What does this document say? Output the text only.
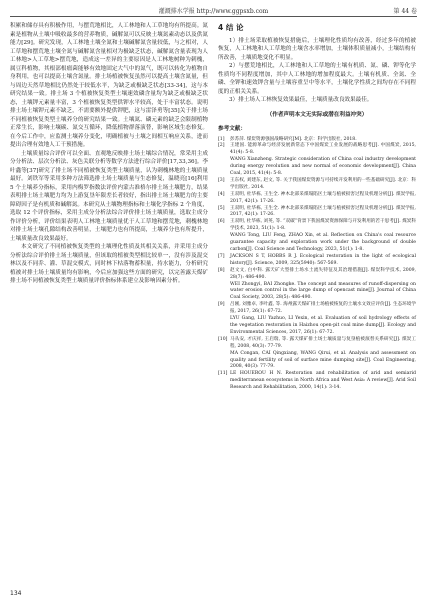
灌溉排水学报 http://www.ggpsxb.com	第 44 卷

积累和储存具有积极作用，与摆荒地相比，人工林地和人工草地均有所提高。氮素是植物从土壤中吸收最多的营养物质，碱解氮可以反映土壤氮素动态以及供氮能力[29]。研究发现，人工林地土壤全氮和土壤碱解氮含量较低，与之相对，人工草地和摆荒地土壤全氮与碱解氮含量相对为极缺乏状态，碱解氮含量表现为人工林地>人工草地>摆荒地，造成这一差异的主要原因是人工林地树种为刺槐，属豆科植物，其根部根瘤菌能够有效地固定大气中的氮气，既可以转化为植物自身利用，也可以提高土壤含氮量。排土场植被恢复虽然可以提高土壤含氮量，但与周边天然草地相比仍然处于较低水平，为缺乏或极缺乏状态[33-34]，这与本研究结果一致。排土场 3 个植被恢复类型土壤速效磷含量均为缺乏或极缺乏状态，土壤钾元素量丰富，3 个植被恢复类型供钾水平较高，处于丰富状态。说明排土场土壤钾元素不缺乏，不需要额外提供钾肥，这与雷泽勇等[35]关于排土场不同植被恢复类型土壤养分的研究结果一致。土壤氮、磷元素的缺乏会限制植物正常生长，影响土壤碳、氮交互循环，降低植物群落演替，影响区域生态修复。在今后工作中，应监测土壤养分变化，明确植被与土壤之间相互响应关系，进而提出合理有效地人工干预措施。

土壤质量综合评价可以全面、直观地反映排土场土壤综合情况，常采用主成分分析法、层次分析法、灰色关联分析等数学方法进行综合评价[17,33,36]。李叶鑫等[37]研究了排土场不同植被恢复类型土壤质量，认为刺槐林地的土壤质量最好。刘铁军等采用多种方法筛选排土场土壤质量与生态修复，温晓亮[16]利用 5 个土壤养分指标，采用内梅罗指数法评价内蒙古准格尔排土场土壤肥力，结果表明排土场土壤肥力均为上游复垦年限差长者较好，指出排土场土壤肥力的主要障碍因子是有机质和碱解氮。本研究从土壤物理指标和土壤化学指标 2 个角度，选取 12 个评价指标，采用主成分分析法综合评价排土场土壤质量，选取主成分作评价分析，评价结果表明人工林地土壤质量优于人工草地和摆荒地，刺槐林地对排土场土壤孔隙结构改善明显，土壤肥力也有所提高，土壤养分也有所提升，土壤质量改良效果最好。

本文研究了不同植被恢复类型的土壤理化性质及其相关关系，并采用主成分分析法综合评价排土场土壤质量，但该取的植被类型相比较单一，没有涉及混交林以及不同乔、灌、草混交模式，同时林下枯落物蓄积量，持水能力，分析研究植被对排土场土壤质量均有影响，今后应加强这些方面的研究，以完善露天煤矿排土场不同植被恢复类型土壤质量评价指标体系建立及影响因素分析。

4 结 论

1）排土场采取植被恢复措施后，土壤理化性质均有改善，经过多年的植被恢复，人工林地和人工草地的土壤含水率增加，土壤体积质量减小，土壤结构有所改善，土壤质地变化不明显。

2）与摆荒地相比，人工林地和人工草地的土壤有机质、氮、磷、钾等化学性质均不同程度增加，其中人工林地的增加程度最大。土壤有机质、全氮、全磷、全钾和速效钾含量与土壤容重呈中等水平，土壤化学性质之间均存在不同程度的正相关关系。

3）排土场人工林恢复效果最佳，土壤质量改良效果最佳。

（作者声明本文无实际或潜在利益冲突）
参考文献：
[1] 彭苏萍. 煤炭资源强国战略研究[M]. 北京：科学出版社, 2018.
[2] 王建国. 能源革命与经济发展新常态下中国煤炭工业发展的战略思考[J]. 中国煤炭, 2015, 41(4): 5-8.
WANG Xianzheng. Strategic consideration of China coal industry development during energy revolution and new normal of economic development[J]. China Coal, 2015, 41(4): 5-8.
[3] 王东权, 刘建东, 赵文, 等. 关于我国煤炭资源与可持续开发利用的一些基础研究[J]. 北京：科学出版社, 2014.
[4] 王双明, 杜华栋, 王生全. 神木北部采煤塌陷区土壤与植被损害过程及机理分析[J]. 煤炭学报, 2017, 42(1): 17-26.
[5] 王双明, 杜华栋, 王生全. 神木北部采煤塌陷区土壤与植被损害过程及机理分析[J]. 煤炭学报, 2017, 42(1): 17-26.
[6] 王双明, 杜华栋, 刘英, 等. “双碳”背景下我国煤炭资源保障与开发利用的若干思考[J]. 煤炭科学技术, 2023, 51(1): 1-8.
WANG Tong, LIU Feng, ZHAO Xin, et al. Reflection on China's coal resource guarantee capacity and exploration work under the background of double carbon[J]. Coal Science and Technology, 2023, 51(1): 1-8.
[7] JACKSON S T, HOBBS R J. Ecological restoration in the light of ecological history[J]. Science, 2009, 325(5940): 567-569.
[8] 赵文文, 白中科. 露天矿大型排土场水土流失特征及其治理措施[J]. 煤炭科学技术, 2009, 28(7): 486-490.
WEI Zhongyi, BAI Zhongke. The concept and measures of runoff-dispersing on water erosion control in the large dump of opencast mine[J]. Journal of China Coal Society, 2003, 28(5): 486-490.
[9] 吕刚, 刘雅卓, 李叶鑫, 等. 海州露天煤矿排土场植被恢复的土壤水文效应评价[J]. 生态环境学报, 2017, 26(1): 67-72.
LYU Gang, LIU Yazhuo, LI Yexin, et al. Evaluation of soil hydrology effects of the vegetation restoration in Haizhou open-pit coal mine dump[J]. Ecology and Environmental Sciences, 2017, 26(1): 67-72.
[10] 马从安, 才庆祥, 王启瑞, 等. 露天煤矿排土场土壤质量与复垦植被演替关系研究[J]. 煤炭工程, 2008, 40(3): 77-79.
MA Congan, CAI Qingxiang, WANG Qirui, et al. Analysis and assessment on quality and fertility of soil of surface mine dumping site[J]. Coal Engineering, 2008, 40(3): 77-79.
[11] LE HOUEROU H N. Restoration and rehabilitation of arid and semiarid mediterranean ecosystems in North Africa and West Asia: A review[J]. Arid Soil Research and Rehabilitation, 2000, 14(1): 3-14.
134
